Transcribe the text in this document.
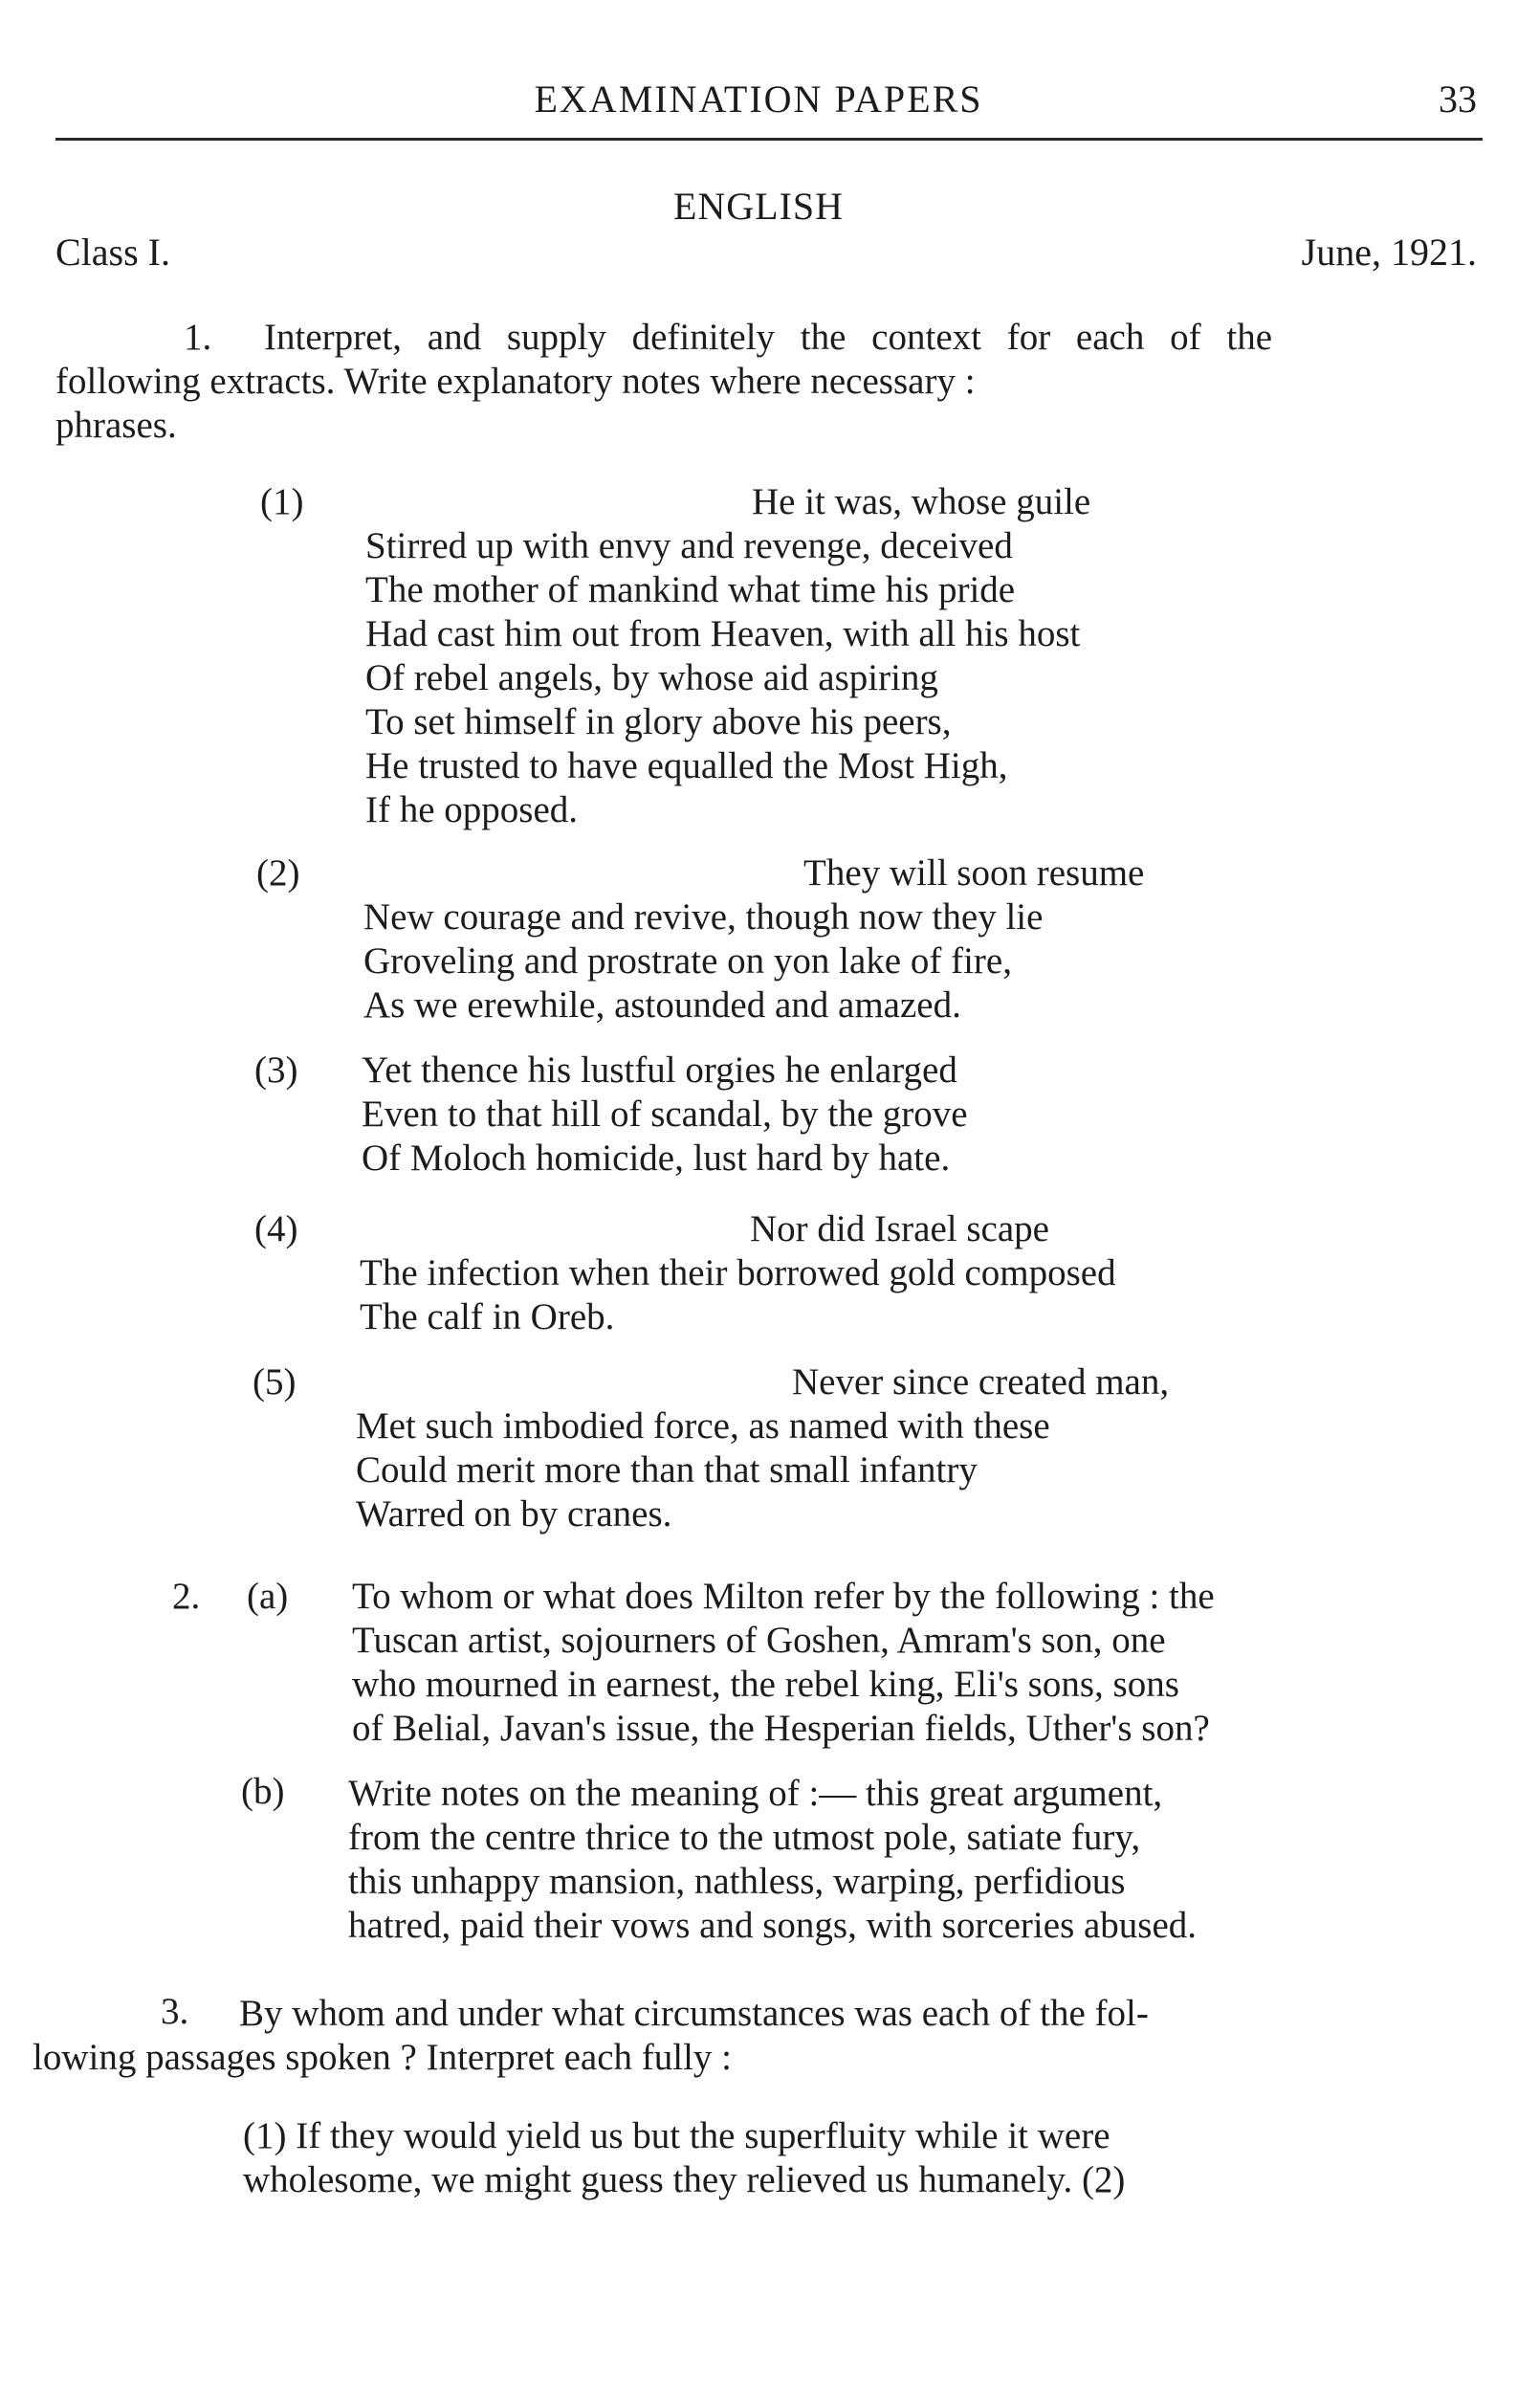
EXAMINATION PAPERS	33
ENGLISH
Class I.	June, 1921.
1.	Interpret, and supply definitely the context for each of the
following extracts. Write explanatory notes where necessary :
phrases.
(1)	He it was, whose guile
Stirred up with envy and revenge, deceived
The mother of mankind what time his pride
Had cast him out from Heaven, with all his host
Of rebel angels, by whose aid aspiring
To set himself in glory above his peers,
He trusted to have equalled the Most High,
If he opposed.
(2)	They will soon resume
New courage and revive, though now they lie
Groveling and prostrate on yon lake of fire,
As we erewhile, astounded and amazed.
(3) Yet thence his lustful orgies he enlarged
Even to that hill of scandal, by the grove
Of Moloch homicide, lust hard by hate.
(4)	Nor did Israel scape
The infection when their borrowed gold composed
The calf in Oreb.
(5)	Never since created man,
Met such imbodied force, as named with these
Could merit more than that small infantry
Warred on by cranes.
2. (a) To whom or what does Milton refer by the following : the
Tuscan artist, sojourners of Goshen, Amram's son, one
who mourned in earnest, the rebel king, Eli's sons, sons
of Belial, Javan's issue, the Hesperian fields, Uther's son?
(b) Write notes on the meaning of :— this great argument,
from the centre thrice to the utmost pole, satiate fury,
this unhappy mansion, nathless, warping, perfidious
hatred, paid their vows and songs, with sorceries abused.
3.	By whom and under what circumstances was each of the fol-
lowing passages spoken ? Interpret each fully :
(1) If they would yield us but the superfluity while it were
wholesome, we might guess they relieved us humanely. (2)
